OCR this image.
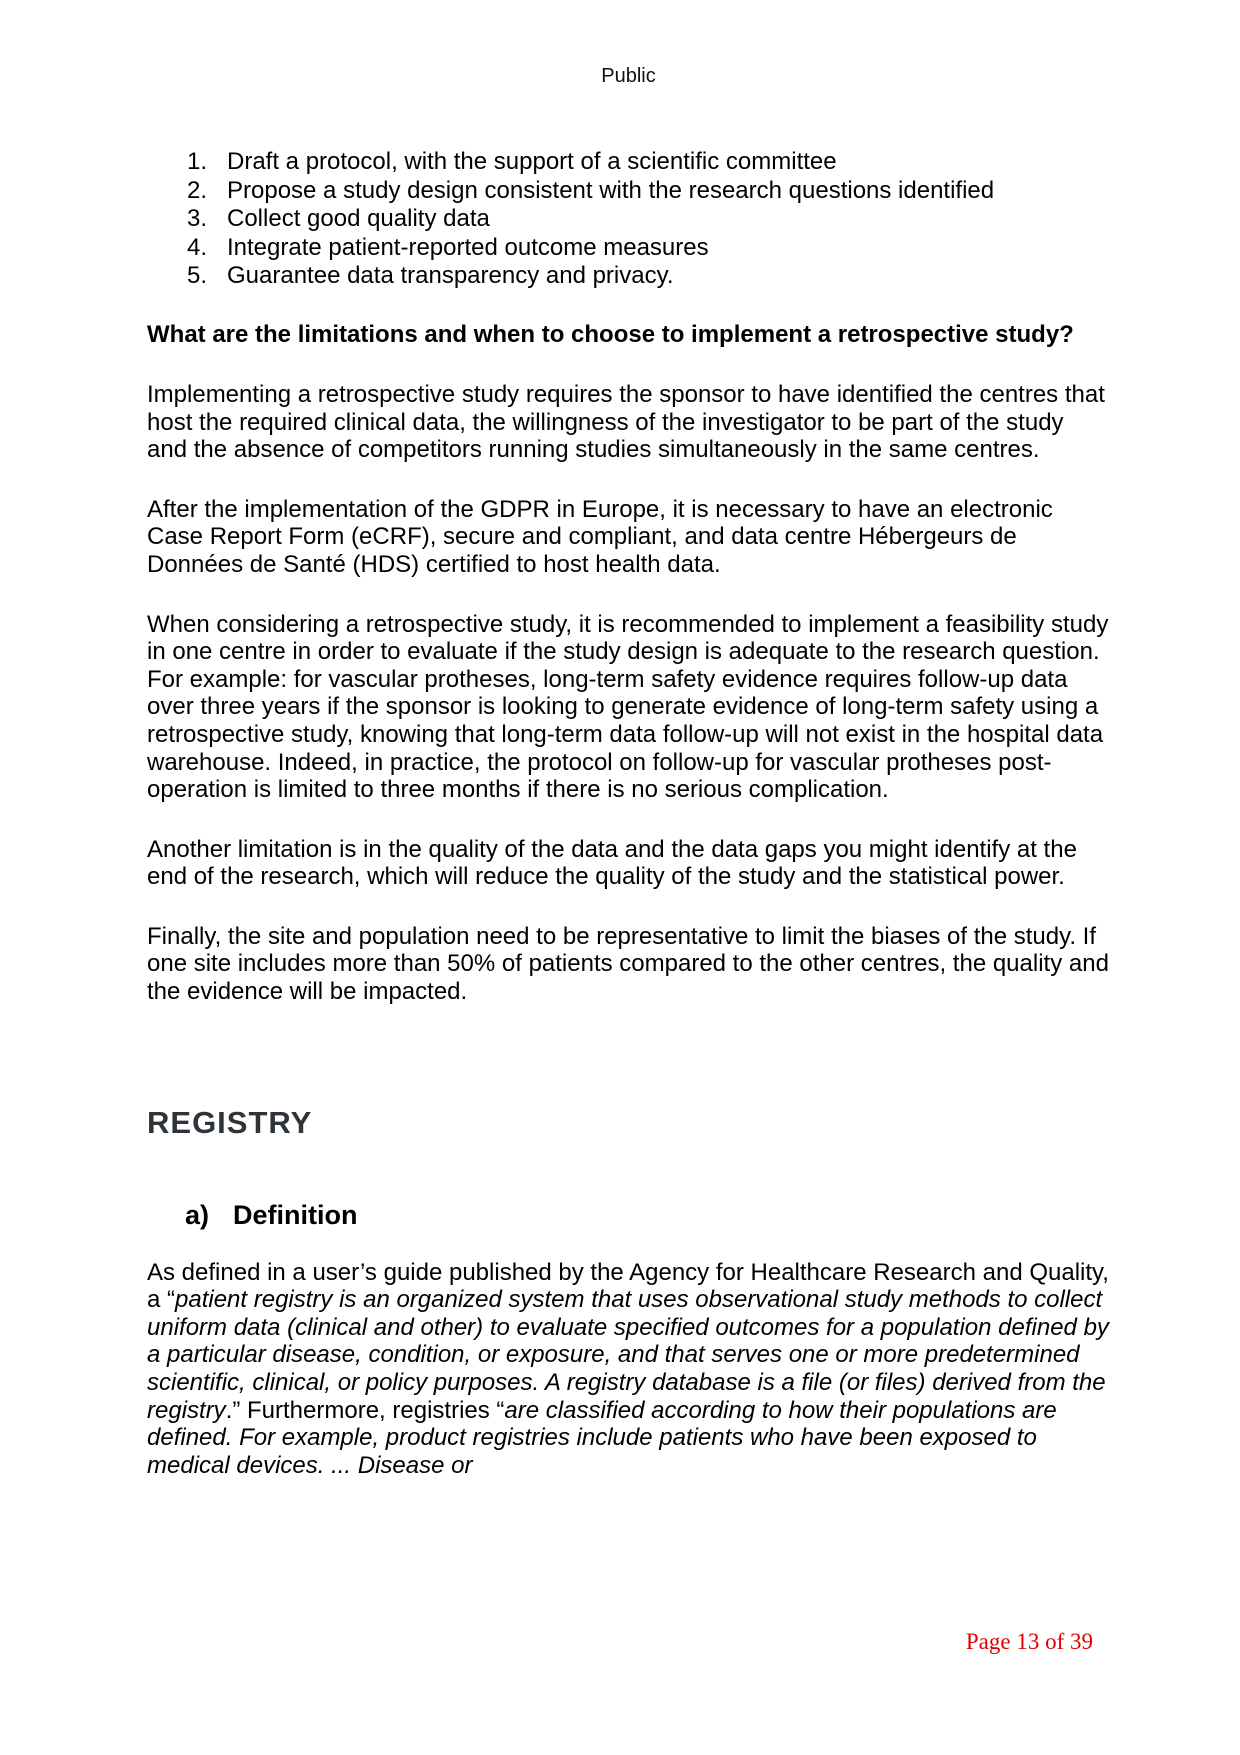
Public
1. Draft a protocol, with the support of a scientific committee
2. Propose a study design consistent with the research questions identified
3. Collect good quality data
4. Integrate patient-reported outcome measures
5. Guarantee data transparency and privacy.
What are the limitations and when to choose to implement a retrospective study?

Implementing a retrospective study requires the sponsor to have identified the centres that host the required clinical data, the willingness of the investigator to be part of the study and the absence of competitors running studies simultaneously in the same centres.

After the implementation of the GDPR in Europe, it is necessary to have an electronic Case Report Form (eCRF), secure and compliant, and data centre Hébergeurs de Données de Santé (HDS) certified to host health data.

When considering a retrospective study, it is recommended to implement a feasibility study in one centre in order to evaluate if the study design is adequate to the research question. For example: for vascular protheses, long-term safety evidence requires follow-up data over three years if the sponsor is looking to generate evidence of long-term safety using a retrospective study, knowing that long-term data follow-up will not exist in the hospital data warehouse. Indeed, in practice, the protocol on follow-up for vascular protheses post-operation is limited to three months if there is no serious complication.

Another limitation is in the quality of the data and the data gaps you might identify at the end of the research, which will reduce the quality of the study and the statistical power.

Finally, the site and population need to be representative to limit the biases of the study. If one site includes more than 50% of patients compared to the other centres, the quality and the evidence will be impacted.

REGISTRY
a) Definition

As defined in a user’s guide published by the Agency for Healthcare Research and Quality, a “patient registry is an organized system that uses observational study methods to collect uniform data (clinical and other) to evaluate specified outcomes for a population defined by a particular disease, condition, or exposure, and that serves one or more predetermined scientific, clinical, or policy purposes. A registry database is a file (or files) derived from the registry.” Furthermore, registries “are classified according to how their populations are defined. For example, product registries include patients who have been exposed to medical devices. ... Disease or

Page 13 of 39
